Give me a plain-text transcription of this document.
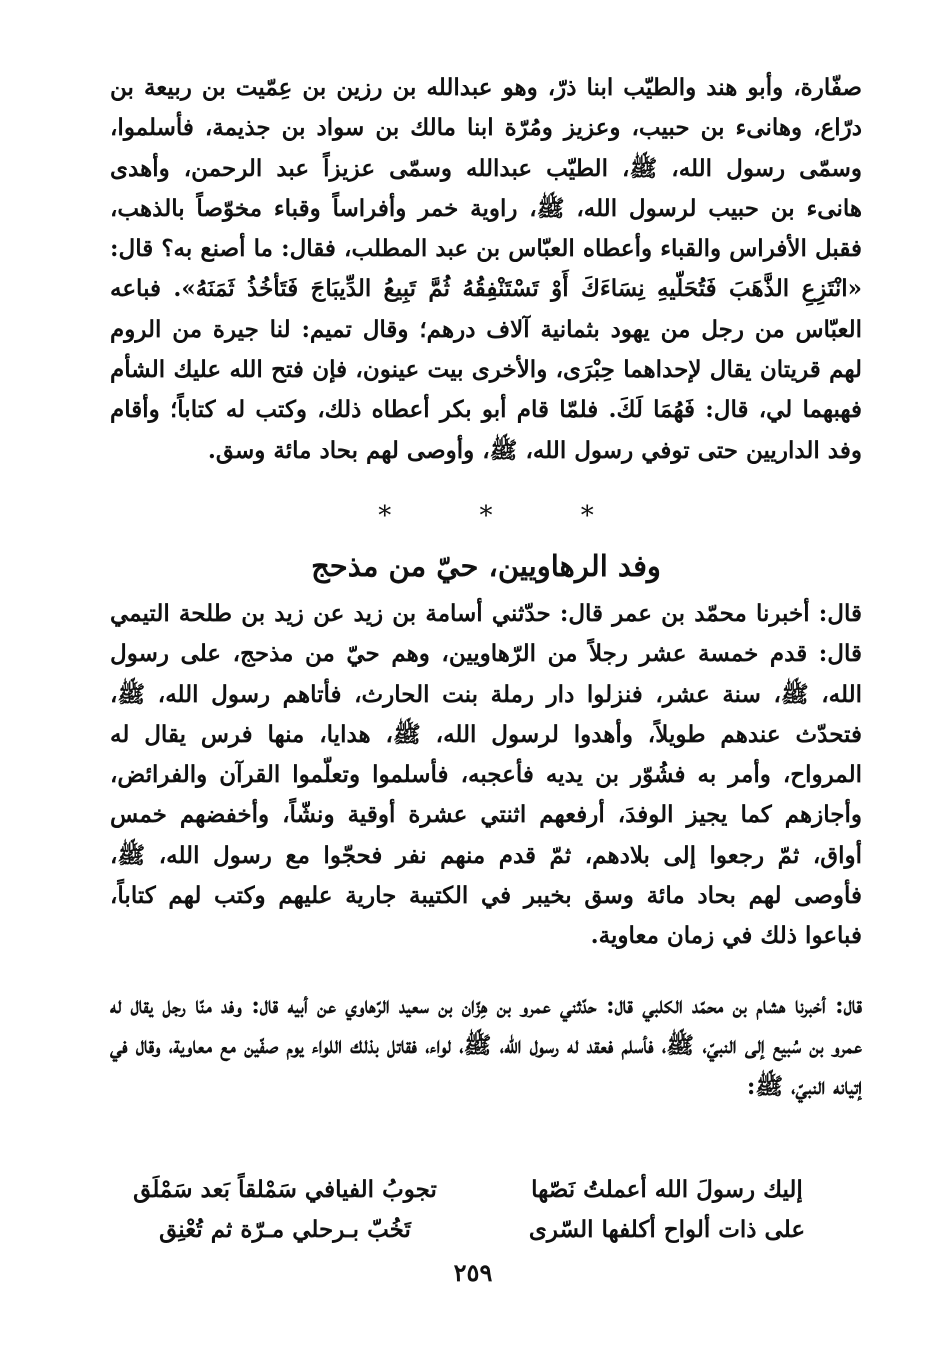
صفّارة، وأبو هند والطيّب ابنا ذرّ، وهو عبدالله بن رزين بن عِمّيت بن ربيعة بن درّاع، وهانىء بن حبيب، وعزيز ومُرّة ابنا مالك بن سواد بن جذيمة، فأسلموا، وسمّى رسول الله، ﷺ، الطيّب عبدالله وسمّى عزيزاً عبد الرحمن، وأهدى هانىء بن حبيب لرسول الله، ﷺ، راوية خمر وأفراساً وقباء مخوّصاً بالذهب، فقبل الأفراس والقباء وأعطاه العبّاس بن عبد المطلب، فقال: ما أصنع به؟ قال: «انْتَزِعِ الذَّهَبَ فَتُحَلّيهِ نِسَاءَكَ أَوْ تَسْتَنْفِقُهُ ثُمَّ تَبِيعُ الدِّيبَاجَ فَتَأخُذُ ثَمَنَهُ». فباعه العبّاس من رجل من يهود بثمانية آلاف درهم؛ وقال تميم: لنا جيرة من الروم لهم قريتان يقال لإحداهما حِبْرَى، والأخرى بيت عينون، فإن فتح الله عليك الشأم فهبهما لي، قال: فَهُمَا لَكَ. فلمّا قام أبو بكر أعطاه ذلك، وكتب له كتاباً؛ وأقام وفد الداريين حتى توفي رسول الله، ﷺ، وأوصى لهم بحاد مائة وسق.

* * *
وفد الرهاويين، حيّ من مذحج

قال: أخبرنا محمّد بن عمر قال: حدّثني أسامة بن زيد عن زيد بن طلحة التيمي قال: قدم خمسة عشر رجلاً من الرّهاويين، وهم حيّ من مذحج، على رسول الله، ﷺ، سنة عشر، فنزلوا دار رملة بنت الحارث، فأتاهم رسول الله، ﷺ، فتحدّث عندهم طويلاً، وأهدوا لرسول الله، ﷺ، هدايا، منها فرس يقال له المرواح، وأمر به فشُوّر بن يديه فأعجبه، فأسلموا وتعلّموا القرآن والفرائض، وأجازهم كما يجيز الوفدَ، أرفعهم اثنتي عشرة أوقية ونشّاً، وأخفضهم خمس أواق، ثمّ رجعوا إلى بلادهم، ثمّ قدم منهم نفر فحجّوا مع رسول الله، ﷺ، فأوصى لهم بحاد مائة وسق بخيبر في الكتيبة جارية عليهم وكتب لهم كتاباً، فباعوا ذلك في زمان معاوية.

قال: أخبرنا هشام بن محمّد الكلبي قال: حدّثني عمرو بن هِزّان بن سعيد الرّهاوي عن أبيه قال: وفد منّا رجل يقال له عمرو بن سُبيع إلى النبيّ، ﷺ، فأسلم فعقد له رسول الله، ﷺ، لواء، فقاتل بذلك اللواء يوم صفّين مع معاوية، وقال في إتيانه النبيّ، ﷺ:

إليك رسولَ الله أعملتُ نَصّها
تجوبُ الفيافي سَمْلقاً بَعد سَمْلَق
على ذات ألواح أكلفها السّرى
تَخُبّ بـرحلي مـرّة ثم تُعْنِق
٢٥٩
